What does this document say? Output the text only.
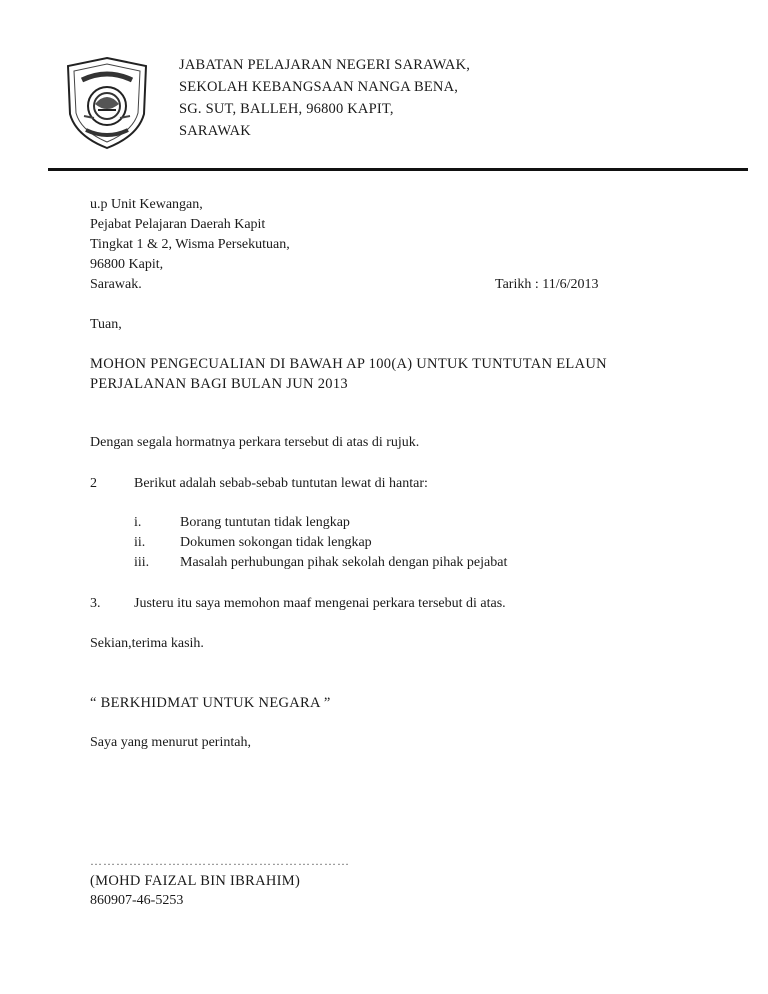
JABATAN PELAJARAN NEGERI SARAWAK,
SEKOLAH KEBANGSAAN NANGA BENA,
SG. SUT, BALLEH, 96800 KAPIT,
SARAWAK
u.p Unit Kewangan,
Pejabat Pelajaran Daerah Kapit
Tingkat 1 & 2, Wisma Persekutuan,
96800 Kapit,
Sarawak.	Tarikh : 11/6/2013
Tuan,
MOHON PENGECUALIAN DI BAWAH AP 100(A) UNTUK TUNTUTAN ELAUN
PERJALANAN BAGI BULAN JUN 2013
Dengan segala hormatnya perkara tersebut di atas di rujuk.
2	Berikut adalah sebab-sebab tuntutan lewat di hantar:
i.	Borang tuntutan tidak lengkap
ii. Dokumen sokongan tidak lengkap
iii. Masalah perhubungan pihak sekolah dengan pihak pejabat
3. Justeru itu saya memohon maaf mengenai perkara tersebut di atas.
Sekian,terima kasih.
“ BERKHIDMAT UNTUK NEGARA ”
Saya yang menurut perintah,
……………………………………………………
(MOHD FAIZAL BIN IBRAHIM)
860907-46-5253
